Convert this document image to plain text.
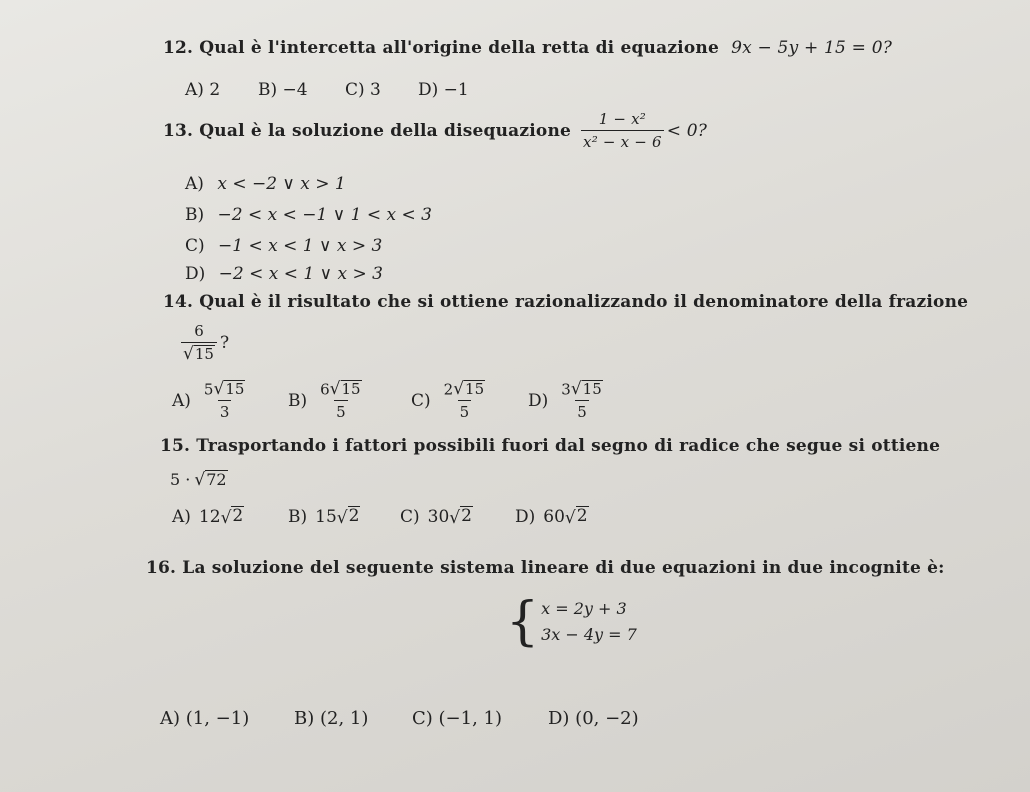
12. Qual è l'intercetta all'origine della retta di equazione 9x − 5y + 15 = 0?
A) 2 B) −4 C) 3 D) −1
13. Qual è la soluzione della disequazione $\frac{\text{1 − x²}}{\text{x² − x − 6}} < 0$?
A) x < −2 ∨ x > 1
B) −2 < x < −1 ∨ 1 < x < 3
C) −1 < x < 1 ∨ x > 3
D) −2 < x < 1 ∨ x > 3
14. Qual è il risultato che si ottiene razionalizzando il denominatore della frazione
$\frac{6}{√ 15}$ ?
$A) \frac{5 √ 15}{3} B) \frac{6 √ 15}{5}$	$C) \frac{2 √ 15}{5} D) \frac{3 √ 15}{5}$
15. Trasportando i fattori possibili fuori dal segno di radice che segue si ottiene
5 · √ 72
A) 12 √ 2	B) 15 √ 2 C) 30 √ 2	D) 60 √ 2
16. La soluzione del seguente sistema lineare di due equazioni in due incognite è:
{ x = 2y + 3
3x − 4y = 7
A) (1, −1) B) (2, 1) C) (−1, 1)	D) (0, −2)
